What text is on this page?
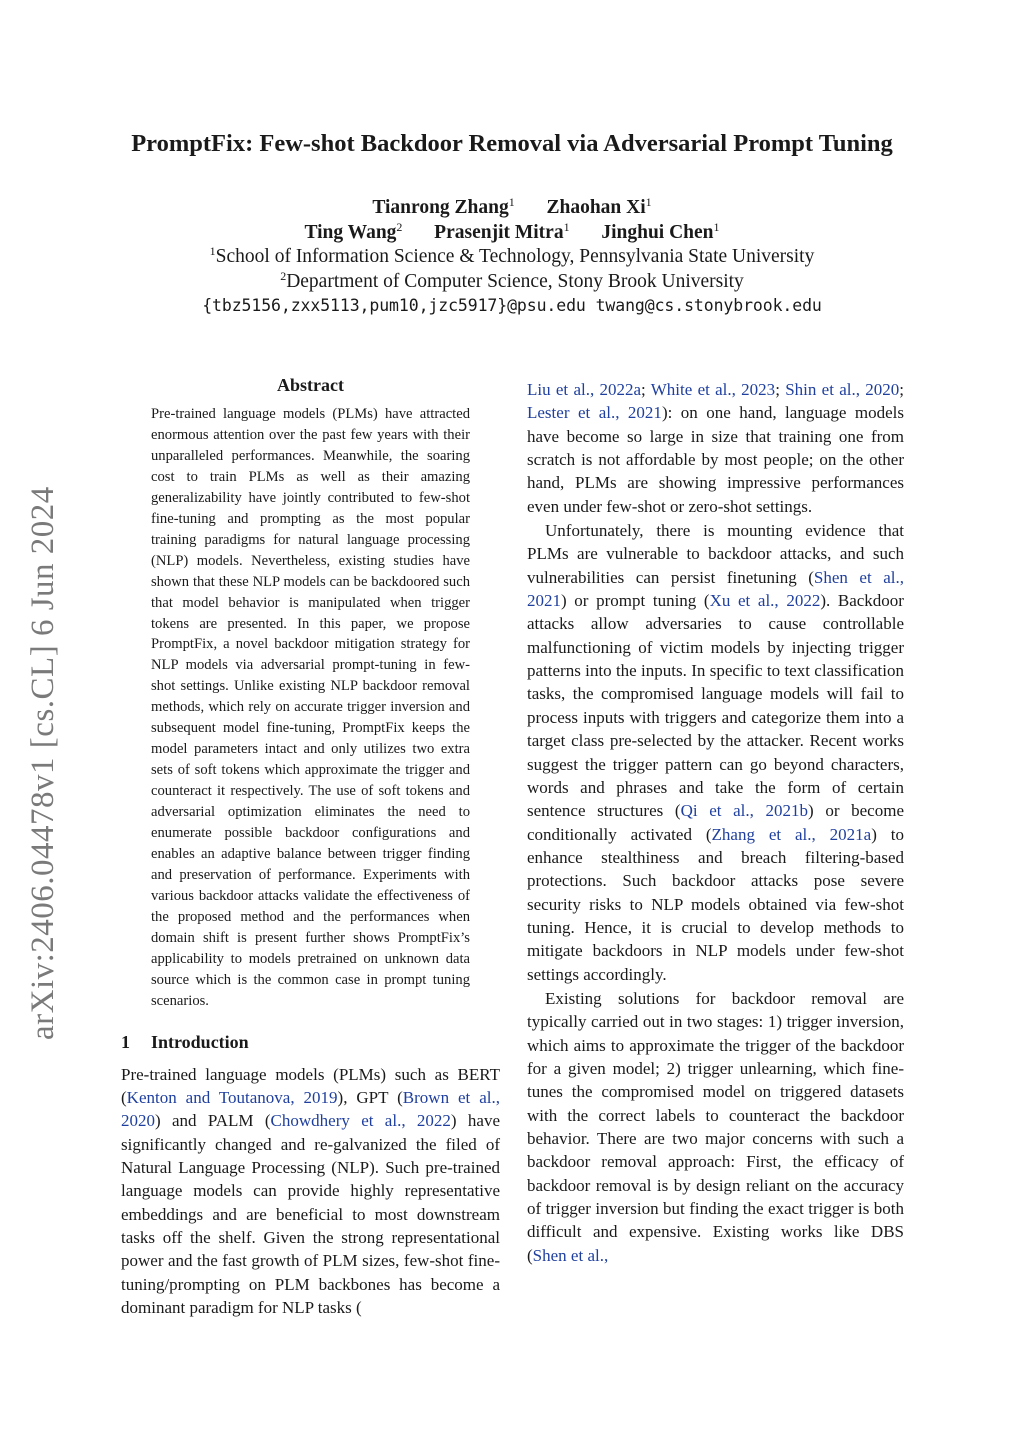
arXiv:2406.04478v1 [cs.CL] 6 Jun 2024
PromptFix: Few-shot Backdoor Removal via Adversarial Prompt Tuning
Tianrong Zhang$^1$ Zhaohan Xi$^1$
Ting Wang$^2$ Prasenjit Mitra$^1$ Jinghui Chen$^1$
$^1$School of Information Science & Technology, Pennsylvania State University
$^2$Department of Computer Science, Stony Brook University
{tbz5156,zxx5113,pum10,jzc5917}@psu.edu twang@cs.stonybrook.edu
Abstract

Pre-trained language models (PLMs) have attracted enormous attention over the past few years with their unparalleled performances. Meanwhile, the soaring cost to train PLMs as well as their amazing generalizability have jointly contributed to few-shot fine-tuning and prompting as the most popular training paradigms for natural language processing (NLP) models. Nevertheless, existing studies have shown that these NLP models can be backdoored such that model behavior is manipulated when trigger tokens are presented. In this paper, we propose PromptFix, a novel backdoor mitigation strategy for NLP models via adversarial prompt-tuning in few-shot settings. Unlike existing NLP backdoor removal methods, which rely on accurate trigger inversion and subsequent model fine-tuning, PromptFix keeps the model parameters intact and only utilizes two extra sets of soft tokens which approximate the trigger and counteract it respectively. The use of soft tokens and adversarial optimization eliminates the need to enumerate possible backdoor configurations and enables an adaptive balance between trigger finding and preservation of performance. Experiments with various backdoor attacks validate the effectiveness of the proposed method and the performances when domain shift is present further shows PromptFix’s applicability to models pretrained on unknown data source which is the common case in prompt tuning scenarios.

1 Introduction

Pre-trained language models (PLMs) such as BERT (Kenton and Toutanova, 2019), GPT (Brown et al., 2020) and PALM (Chowdhery et al., 2022) have significantly changed and re-galvanized the filed of Natural Language Processing (NLP). Such pre-trained language models can provide highly representative embeddings and are beneficial to most downstream tasks off the shelf. Given the strong representational power and the fast growth of PLM sizes, few-shot fine-tuning/prompting on PLM backbones has become a dominant paradigm for NLP tasks (

Liu et al., 2022a; White et al., 2023; Shin et al., 2020; Lester et al., 2021): on one hand, language models have become so large in size that training one from scratch is not affordable by most people; on the other hand, PLMs are showing impressive performances even under few-shot or zero-shot settings.

Unfortunately, there is mounting evidence that PLMs are vulnerable to backdoor attacks, and such vulnerabilities can persist finetuning (Shen et al., 2021) or prompt tuning (Xu et al., 2022). Backdoor attacks allow adversaries to cause controllable malfunctioning of victim models by injecting trigger patterns into the inputs. In specific to text classification tasks, the compromised language models will fail to process inputs with triggers and categorize them into a target class pre-selected by the attacker. Recent works suggest the trigger pattern can go beyond characters, words and phrases and take the form of certain sentence structures (Qi et al., 2021b) or become conditionally activated (Zhang et al., 2021a) to enhance stealthiness and breach filtering-based protections. Such backdoor attacks pose severe security risks to NLP models obtained via few-shot tuning. Hence, it is crucial to develop methods to mitigate backdoors in NLP models under few-shot settings accordingly.

Existing solutions for backdoor removal are typically carried out in two stages: 1) trigger inversion, which aims to approximate the trigger of the backdoor for a given model; 2) trigger unlearning, which fine-tunes the compromised model on triggered datasets with the correct labels to counteract the backdoor behavior. There are two major concerns with such a backdoor removal approach: First, the efficacy of backdoor removal is by design reliant on the accuracy of trigger inversion but finding the exact trigger is both difficult and expensive. Existing works like DBS (Shen et al.,
